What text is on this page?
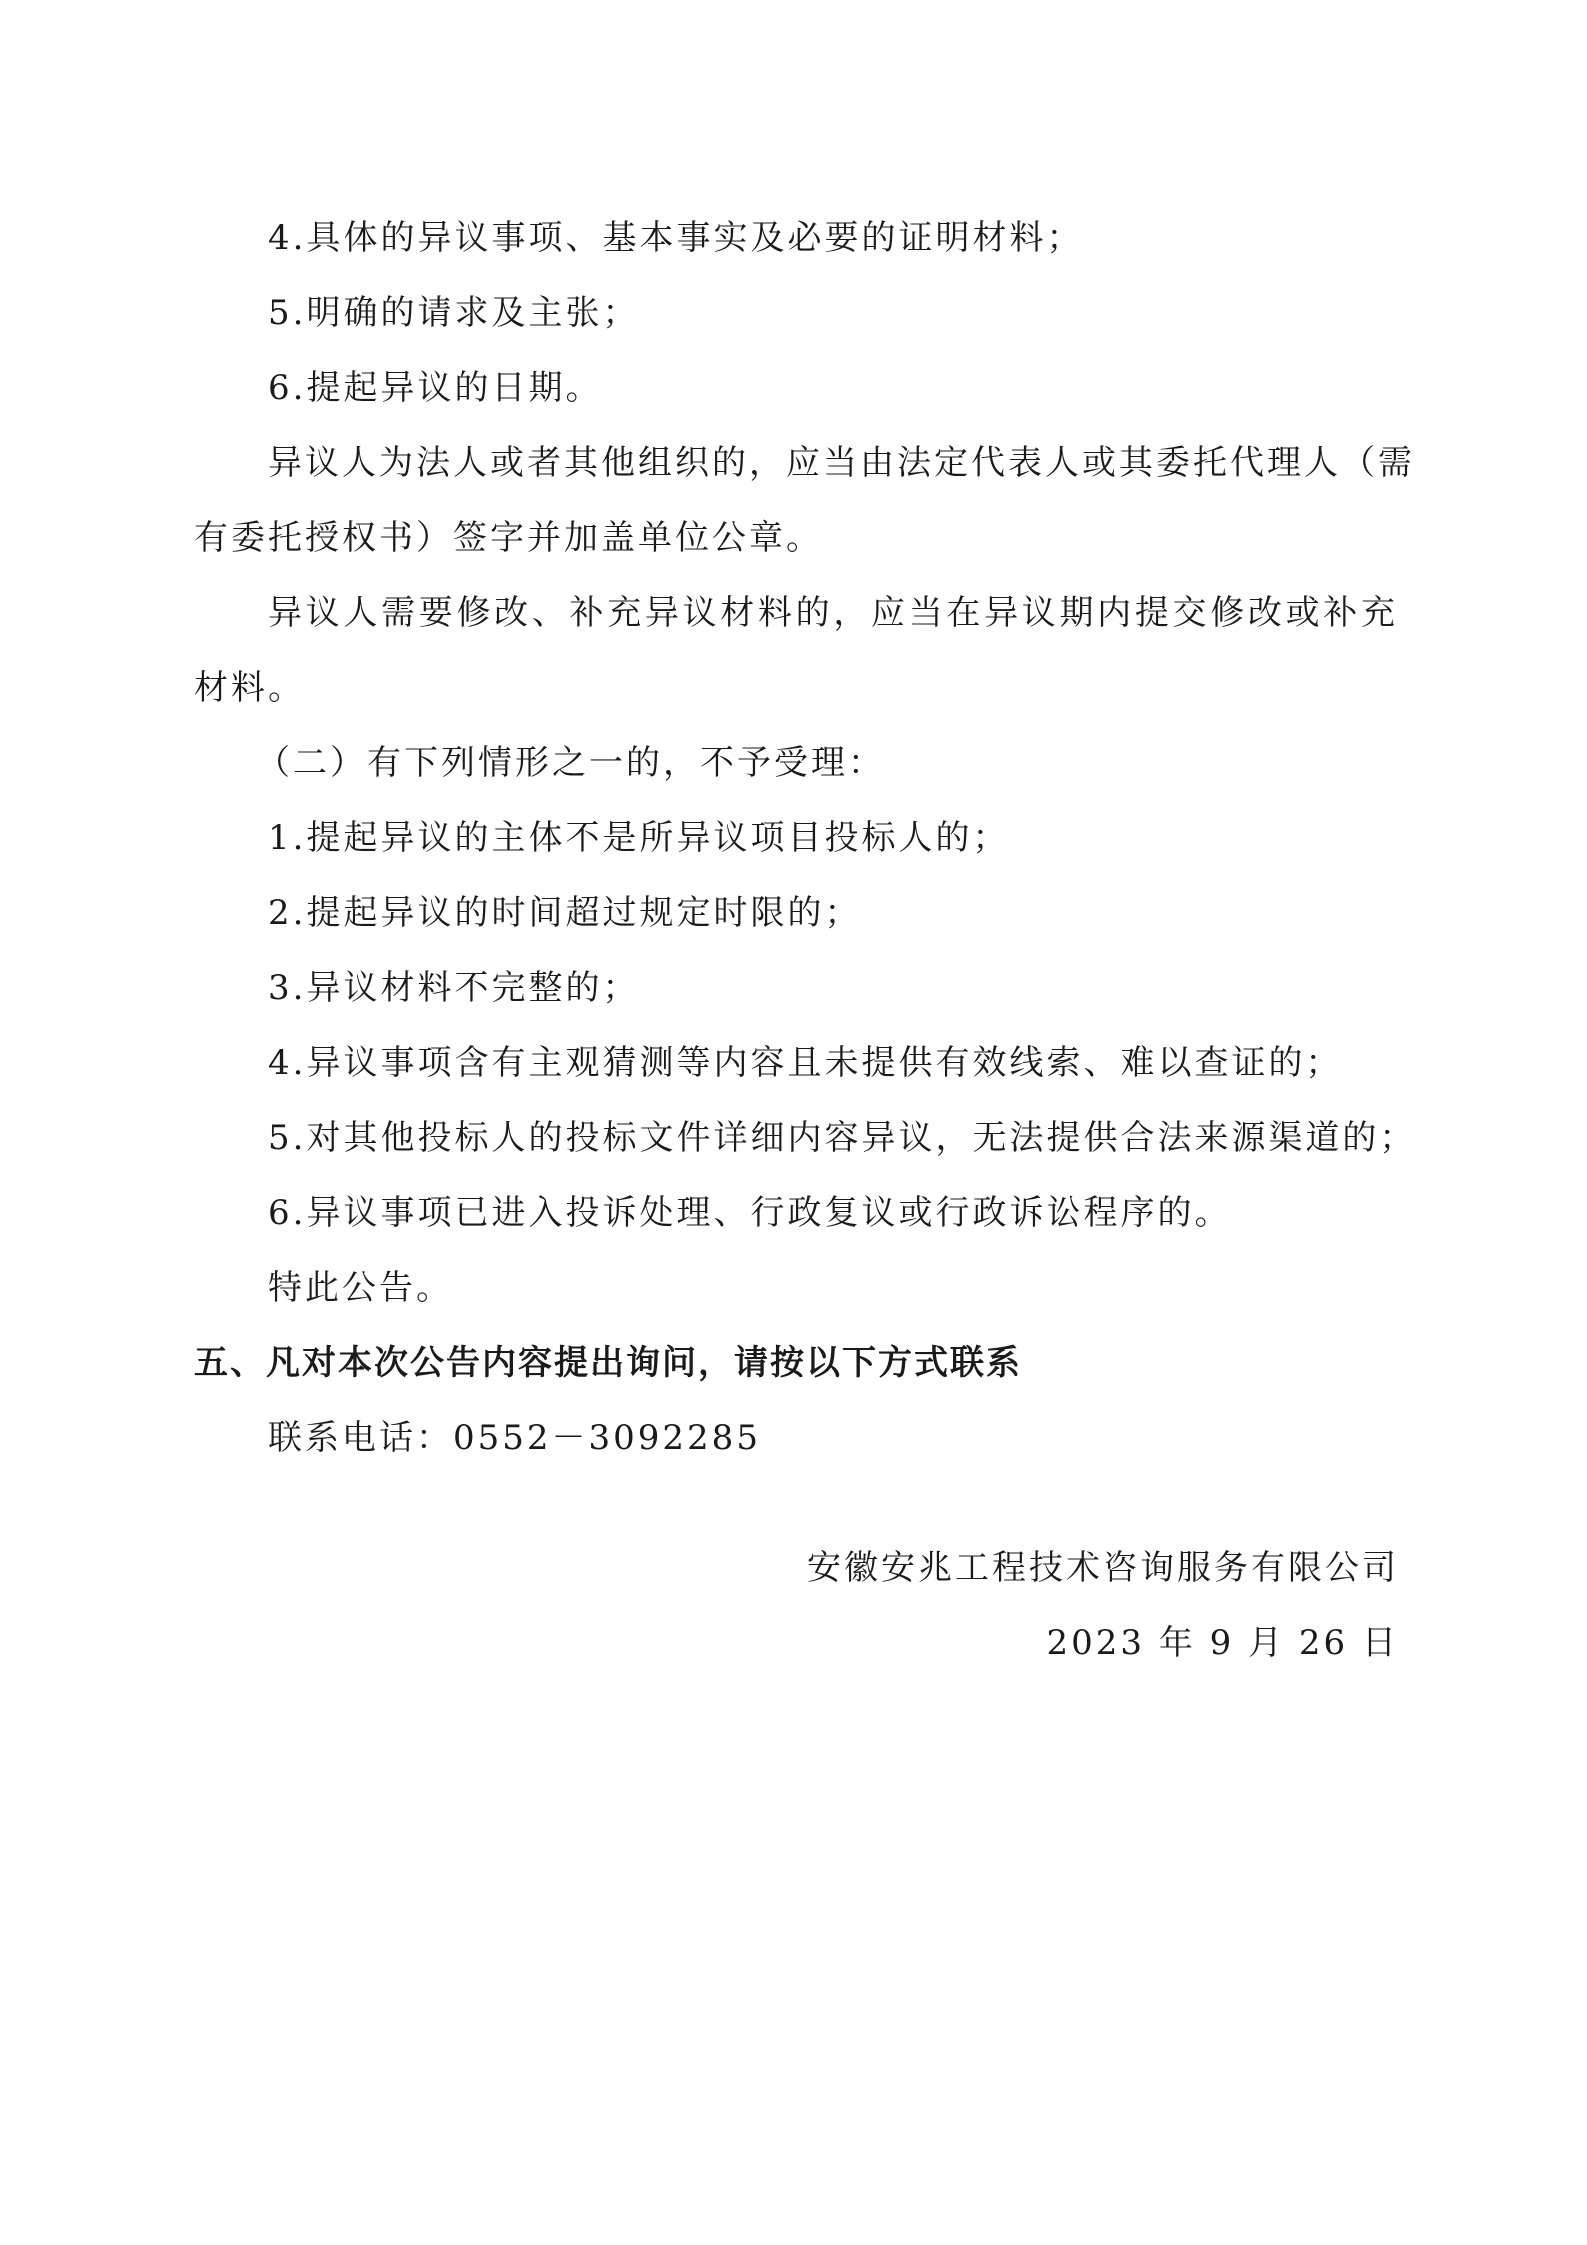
4.具体的异议事项、基本事实及必要的证明材料；
5.明确的请求及主张；
6.提起异议的日期。
异议人为法人或者其他组织的，应当由法定代表人或其委托代理人（需
有委托授权书）签字并加盖单位公章。
异议人需要修改、补充异议材料的，应当在异议期内提交修改或补充
材料。
（二）有下列情形之一的，不予受理：
1.提起异议的主体不是所异议项目投标人的；
2.提起异议的时间超过规定时限的；
3.异议材料不完整的；
4.异议事项含有主观猜测等内容且未提供有效线索、难以查证的；
5.对其他投标人的投标文件详细内容异议，无法提供合法来源渠道的；
6.异议事项已进入投诉处理、行政复议或行政诉讼程序的。
特此公告。
五、凡对本次公告内容提出询问，请按以下方式联系
联系电话：0552－3092285
安徽安兆工程技术咨询服务有限公司
2023 年 9 月 26 日
